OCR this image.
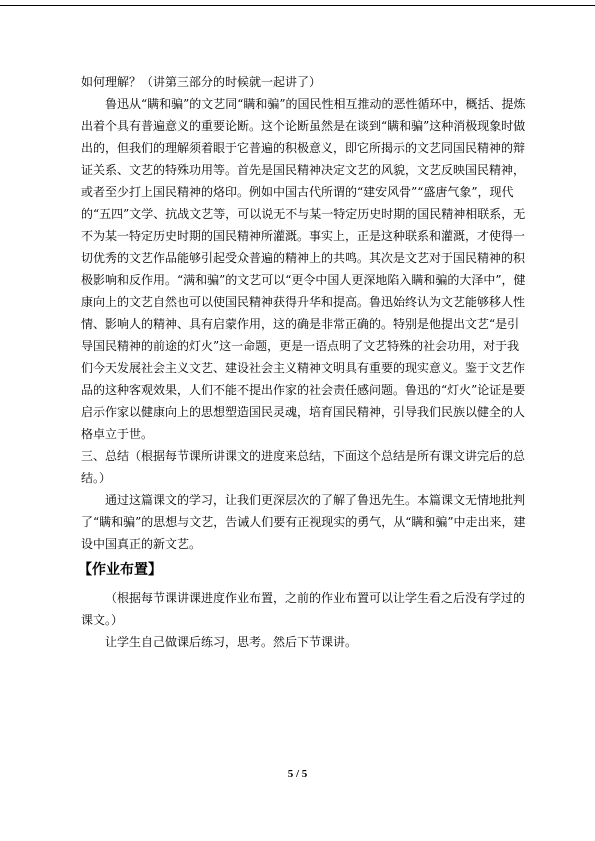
如何理解？（讲第三部分的时候就一起讲了）

鲁迅从“瞒和骗”的文艺同“瞒和骗”的国民性相互推动的恶性循环中，概括、提炼出着个具有普遍意义的重要论断。这个论断虽然是在谈到“瞒和骗”这种消极现象时做出的，但我们的理解须着眼于它普遍的积极意义，即它所揭示的文艺同国民精神的辩证关系、文艺的特殊功用等。首先是国民精神决定文艺的风貌，文艺反映国民精神，或者至少打上国民精神的烙印。例如中国古代所谓的“建安风骨”“盛唐气象”，现代的“五四”文学、抗战文艺等，可以说无不与某一特定历史时期的国民精神相联系，无不为某一特定历史时期的国民精神所灌溉。事实上，正是这种联系和灌溉，才使得一切优秀的文艺作品能够引起受众普遍的精神上的共鸣。其次是文艺对于国民精神的积极影响和反作用。“满和骗”的文艺可以“更令中国人更深地陷入瞒和骗的大泽中”，健康向上的文艺自然也可以使国民精神获得升华和提高。鲁迅始终认为文艺能够移人性情、影响人的精神、具有启蒙作用，这的确是非常正确的。特别是他提出文艺“是引导国民精神的前途的灯火”这一命题，更是一语点明了文艺特殊的社会功用，对于我们今天发展社会主义文艺、建设社会主义精神文明具有重要的现实意义。鉴于文艺作品的这种客观效果，人们不能不提出作家的社会责任感问题。鲁迅的“灯火”论证是要启示作家以健康向上的思想塑造国民灵魂，培育国民精神，引导我们民族以健全的人格卓立于世。

三、总结（根据每节课所讲课文的进度来总结，下面这个总结是所有课文讲完后的总结。）

通过这篇课文的学习，让我们更深层次的了解了鲁迅先生。本篇课文无情地批判了“瞒和骗”的思想与文艺，告诫人们要有正视现实的勇气，从“瞒和骗”中走出来，建设中国真正的新文艺。

【作业布置】

（根据每节课讲课进度作业布置，之前的作业布置可以让学生看之后没有学过的课文。）

让学生自己做课后练习，思考。然后下节课讲。

5 / 5
